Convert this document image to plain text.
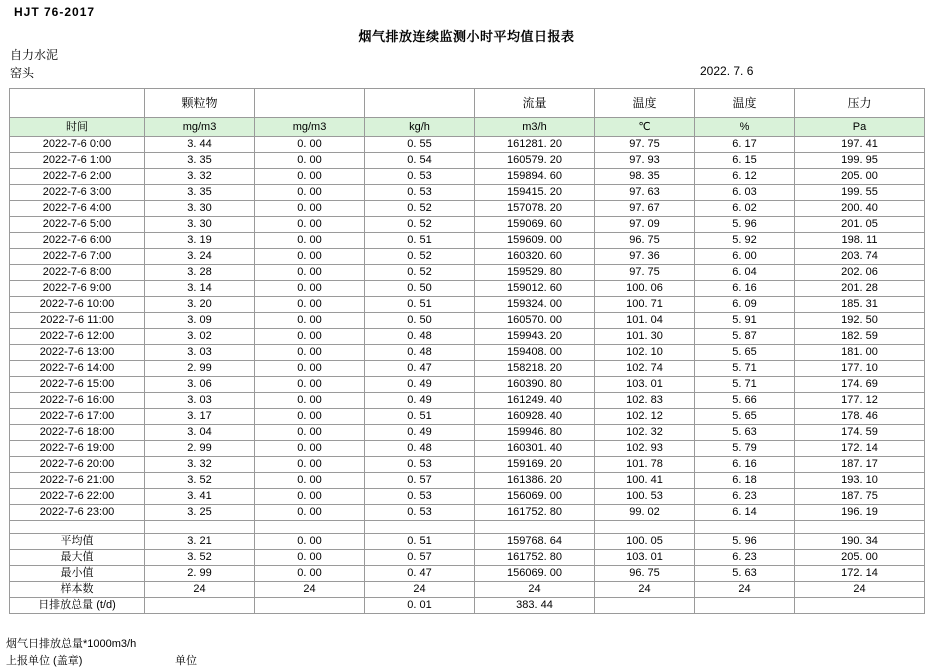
HJT 76-2017
烟气排放连续监测小时平均值日报表
自力水泥
窑头	2022. 7. 6
	颗粒物			流量	温度	温度	压力
时间	mg/m3	mg/m3	kg/h	m3/h	℃	%	Pa
2022-7-6 0:00	3. 44	0. 00	0. 55	161281. 20	97. 75	6. 17	197. 41
2022-7-6 1:00	3. 35	0. 00	0. 54	160579. 20	97. 93	6. 15	199. 95
2022-7-6 2:00	3. 32	0. 00	0. 53	159894. 60	98. 35	6. 12	205. 00
2022-7-6 3:00	3. 35	0. 00	0. 53	159415. 20	97. 63	6. 03	199. 55
2022-7-6 4:00	3. 30	0. 00	0. 52	157078. 20	97. 67	6. 02	200. 40
2022-7-6 5:00	3. 30	0. 00	0. 52	159069. 60	97. 09	5. 96	201. 05
2022-7-6 6:00	3. 19	0. 00	0. 51	159609. 00	96. 75	5. 92	198. 11
2022-7-6 7:00	3. 24	0. 00	0. 52	160320. 60	97. 36	6. 00	203. 74
2022-7-6 8:00	3. 28	0. 00	0. 52	159529. 80	97. 75	6. 04	202. 06
2022-7-6 9:00	3. 14	0. 00	0. 50	159012. 60	100. 06	6. 16	201. 28
2022-7-6 10:00	3. 20	0. 00	0. 51	159324. 00	100. 71	6. 09	185. 31
2022-7-6 11:00	3. 09	0. 00	0. 50	160570. 00	101. 04	5. 91	192. 50
2022-7-6 12:00	3. 02	0. 00	0. 48	159943. 20	101. 30	5. 87	182. 59
2022-7-6 13:00	3. 03	0. 00	0. 48	159408. 00	102. 10	5. 65	181. 00
2022-7-6 14:00	2. 99	0. 00	0. 47	158218. 20	102. 74	5. 71	177. 10
2022-7-6 15:00	3. 06	0. 00	0. 49	160390. 80	103. 01	5. 71	174. 69
2022-7-6 16:00	3. 03	0. 00	0. 49	161249. 40	102. 83	5. 66	177. 12
2022-7-6 17:00	3. 17	0. 00	0. 51	160928. 40	102. 12	5. 65	178. 46
2022-7-6 18:00	3. 04	0. 00	0. 49	159946. 80	102. 32	5. 63	174. 59
2022-7-6 19:00	2. 99	0. 00	0. 48	160301. 40	102. 93	5. 79	172. 14
2022-7-6 20:00	3. 32	0. 00	0. 53	159169. 20	101. 78	6. 16	187. 17
2022-7-6 21:00	3. 52	0. 00	0. 57	161386. 20	100. 41	6. 18	193. 10
2022-7-6 22:00	3. 41	0. 00	0. 53	156069. 00	100. 53	6. 23	187. 75
2022-7-6 23:00	3. 25	0. 00	0. 53	161752. 80	99. 02	6. 14	196. 19

平均值	3. 21	0. 00	0. 51	159768. 64	100. 05	5. 96	190. 34
最大值	3. 52	0. 00	0. 57	161752. 80	103. 01	6. 23	205. 00
最小值	2. 99	0. 00	0. 47	156069. 00	96. 75	5. 63	172. 14
样本数	24	24	24	24	24	24	24
日排放总量 (t/d)			0. 01	383. 44			
烟气日排放总量*1000m3/h
上报单位 (盖章)	单位
